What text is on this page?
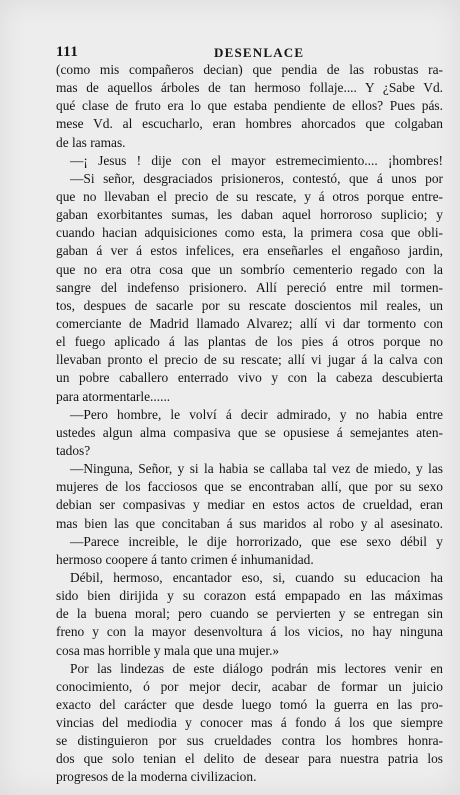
111	DESENLACE
(como mis compañeros decian) que pendia de las robustas ra-
mas de aquellos árboles de tan hermoso follaje.... Y ¿Sabe Vd.
qué clase de fruto era lo que estaba pendiente de ellos? Pues pás.
mese Vd. al escucharlo, eran hombres ahorcados que colgaban
de las ramas.
—¡ Jesus ! dije con el mayor estremecimiento.... ¡hombres!
—Si señor, desgraciados prisioneros, contestó, que á unos por
que no llevaban el precio de su rescate, y á otros porque entre-
gaban exorbitantes sumas, les daban aquel horroroso suplicio; y
cuando hacian adquisiciones como esta, la primera cosa que obli-
gaban á ver á estos infelices, era enseñarles el engañoso jardin,
que no era otra cosa que un sombrío cementerio regado con la
sangre del indefenso prisionero. Allí pereció entre mil tormen-
tos, despues de sacarle por su rescate doscientos mil reales, un
comerciante de Madrid llamado Alvarez; allí vi dar tormento con
el fuego aplicado á las plantas de los pies á otros porque no
llevaban pronto el precio de su rescate; allí vi jugar á la calva con
un pobre caballero enterrado vivo y con la cabeza descubierta
para atormentarle......
—Pero hombre, le volví á decir admirado, y no habia entre
ustedes algun alma compasiva que se opusiese á semejantes aten-
tados?
—Ninguna, Señor, y si la habia se callaba tal vez de miedo, y las
mujeres de los facciosos que se encontraban allí, que por su sexo
debian ser compasivas y mediar en estos actos de crueldad, eran
mas bien las que concitaban á sus maridos al robo y al asesinato.
—Parece increible, le dije horrorizado, que ese sexo débil y
hermoso coopere á tanto crimen é inhumanidad.
Débil, hermoso, encantador eso, si, cuando su educacion ha
sido bien dirijida y su corazon está empapado en las máximas
de la buena moral; pero cuando se pervierten y se entregan sin
freno y con la mayor desenvoltura á los vicios, no hay ninguna
cosa mas horrible y mala que una mujer.»
Por las lindezas de este diálogo podrán mis lectores venir en
conocimiento, ó por mejor decir, acabar de formar un juicio
exacto del carácter que desde luego tomó la guerra en las pro-
vincias del mediodia y conocer mas á fondo á los que siempre
se distinguieron por sus crueldades contra los hombres honra-
dos que solo tenian el delito de desear para nuestra patria los
progresos de la moderna civilizacion.
